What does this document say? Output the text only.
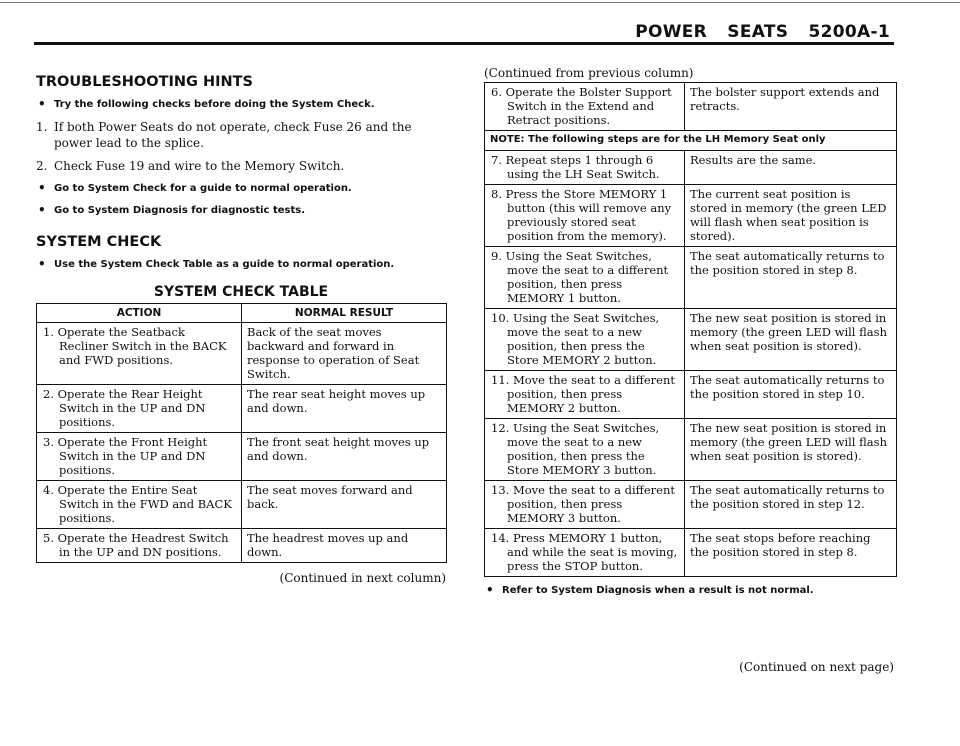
POWER SEATS 5200A-1
TROUBLESHOOTING HINTS
• Try the following checks before doing the System Check.
1. If both Power Seats do not operate, check Fuse 26 and the power lead to the splice.
2. Check Fuse 19 and wire to the Memory Switch.
• Go to System Check for a guide to normal operation.
• Go to System Diagnosis for diagnostic tests.
SYSTEM CHECK
• Use the System Check Table as a guide to normal operation.
SYSTEM CHECK TABLE
ACTION	NORMAL RESULT
1. Operate the Seatback Recliner Switch in the BACK and FWD positions.	Back of the seat moves backward and forward in response to operation of Seat Switch.
2. Operate the Rear Height Switch in the UP and DN positions.	The rear seat height moves up and down.
3. Operate the Front Height Switch in the UP and DN positions.	The front seat height moves up and down.
4. Operate the Entire Seat Switch in the FWD and BACK positions.	The seat moves forward and back.
5. Operate the Headrest Switch in the UP and DN positions.	The headrest moves up and down.
(Continued in next column)
(Continued from previous column)
6. Operate the Bolster Support Switch in the Extend and Retract positions.	The bolster support extends and retracts.
NOTE: The following steps are for the LH Memory Seat only	
7. Repeat steps 1 through 6 using the LH Seat Switch.	Results are the same.
8. Press the Store MEMORY 1 button (this will remove any previously stored seat position from the memory).	The current seat position is stored in memory (the green LED will flash when seat position is stored).
9. Using the Seat Switches, move the seat to a different position, then press MEMORY 1 button.	The seat automatically returns to the position stored in step 8.
10. Using the Seat Switches, move the seat to a new position, then press the Store MEMORY 2 button.	The new seat position is stored in memory (the green LED will flash when seat position is stored).
11. Move the seat to a different position, then press MEMORY 2 button.	The seat automatically returns to the position stored in step 10.
12. Using the Seat Switches, move the seat to a new position, then press the Store MEMORY 3 button.	The new seat position is stored in memory (the green LED will flash when seat position is stored).
13. Move the seat to a different position, then press MEMORY 3 button.	The seat automatically returns to the position stored in step 12.
14. Press MEMORY 1 button, and while the seat is moving, press the STOP button.	The seat stops before reaching the position stored in step 8.
• Refer to System Diagnosis when a result is not normal.
(Continued on next page)
